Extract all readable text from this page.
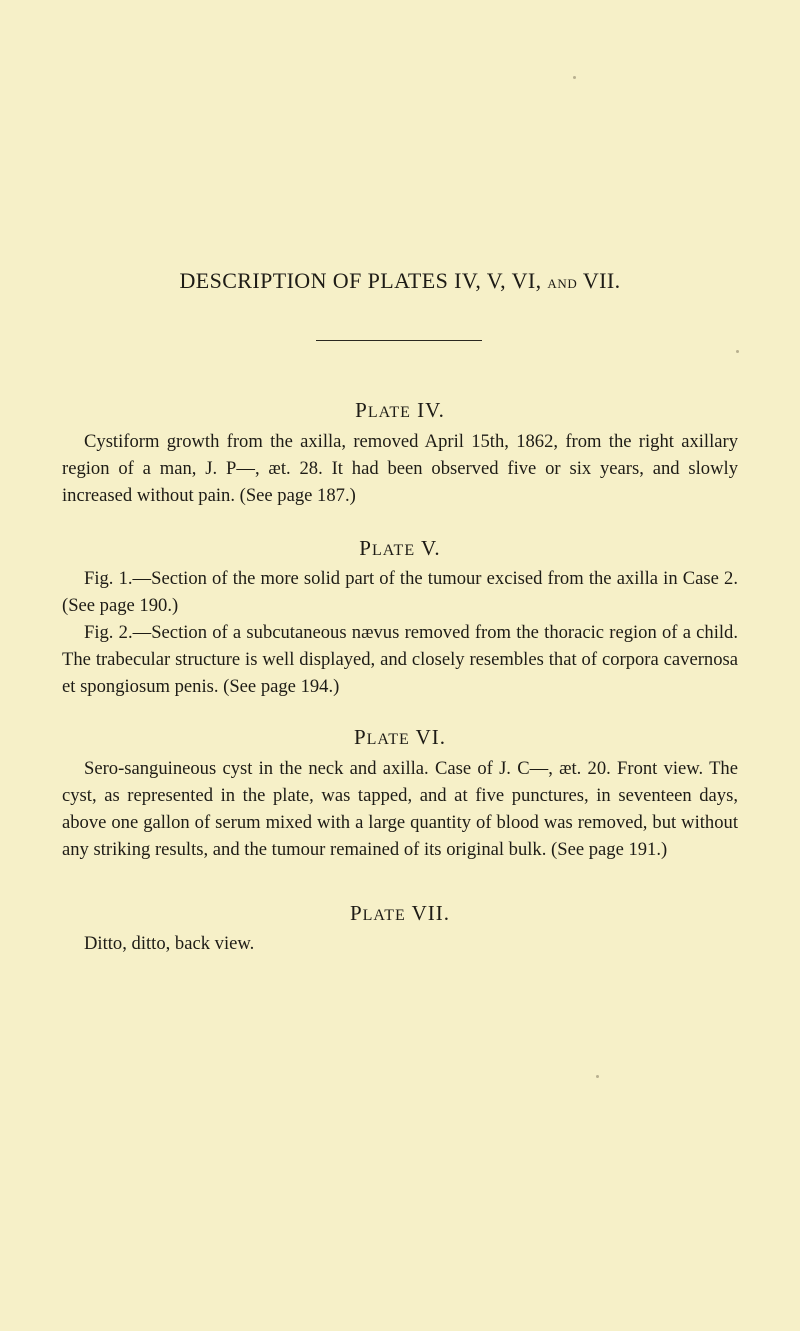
DESCRIPTION OF PLATES IV, V, VI, AND VII.
PLATE IV.

Cystiform growth from the axilla, removed April 15th, 1862, from the right axillary region of a man, J. P—, æt. 28. It had been observed five or six years, and slowly increased without pain. (See page 187.)

PLATE V.

Fig. 1.—Section of the more solid part of the tumour excised from the axilla in Case 2. (See page 190.)

Fig. 2.—Section of a subcutaneous nævus removed from the thoracic region of a child. The trabecular structure is well displayed, and closely resembles that of corpora cavernosa et spongiosum penis. (See page 194.)

PLATE VI.

Sero-sanguineous cyst in the neck and axilla. Case of J. C—, æt. 20. Front view. The cyst, as represented in the plate, was tapped, and at five punctures, in seventeen days, above one gallon of serum mixed with a large quantity of blood was removed, but without any striking results, and the tumour remained of its original bulk. (See page 191.)

PLATE VII.

Ditto, ditto, back view.
